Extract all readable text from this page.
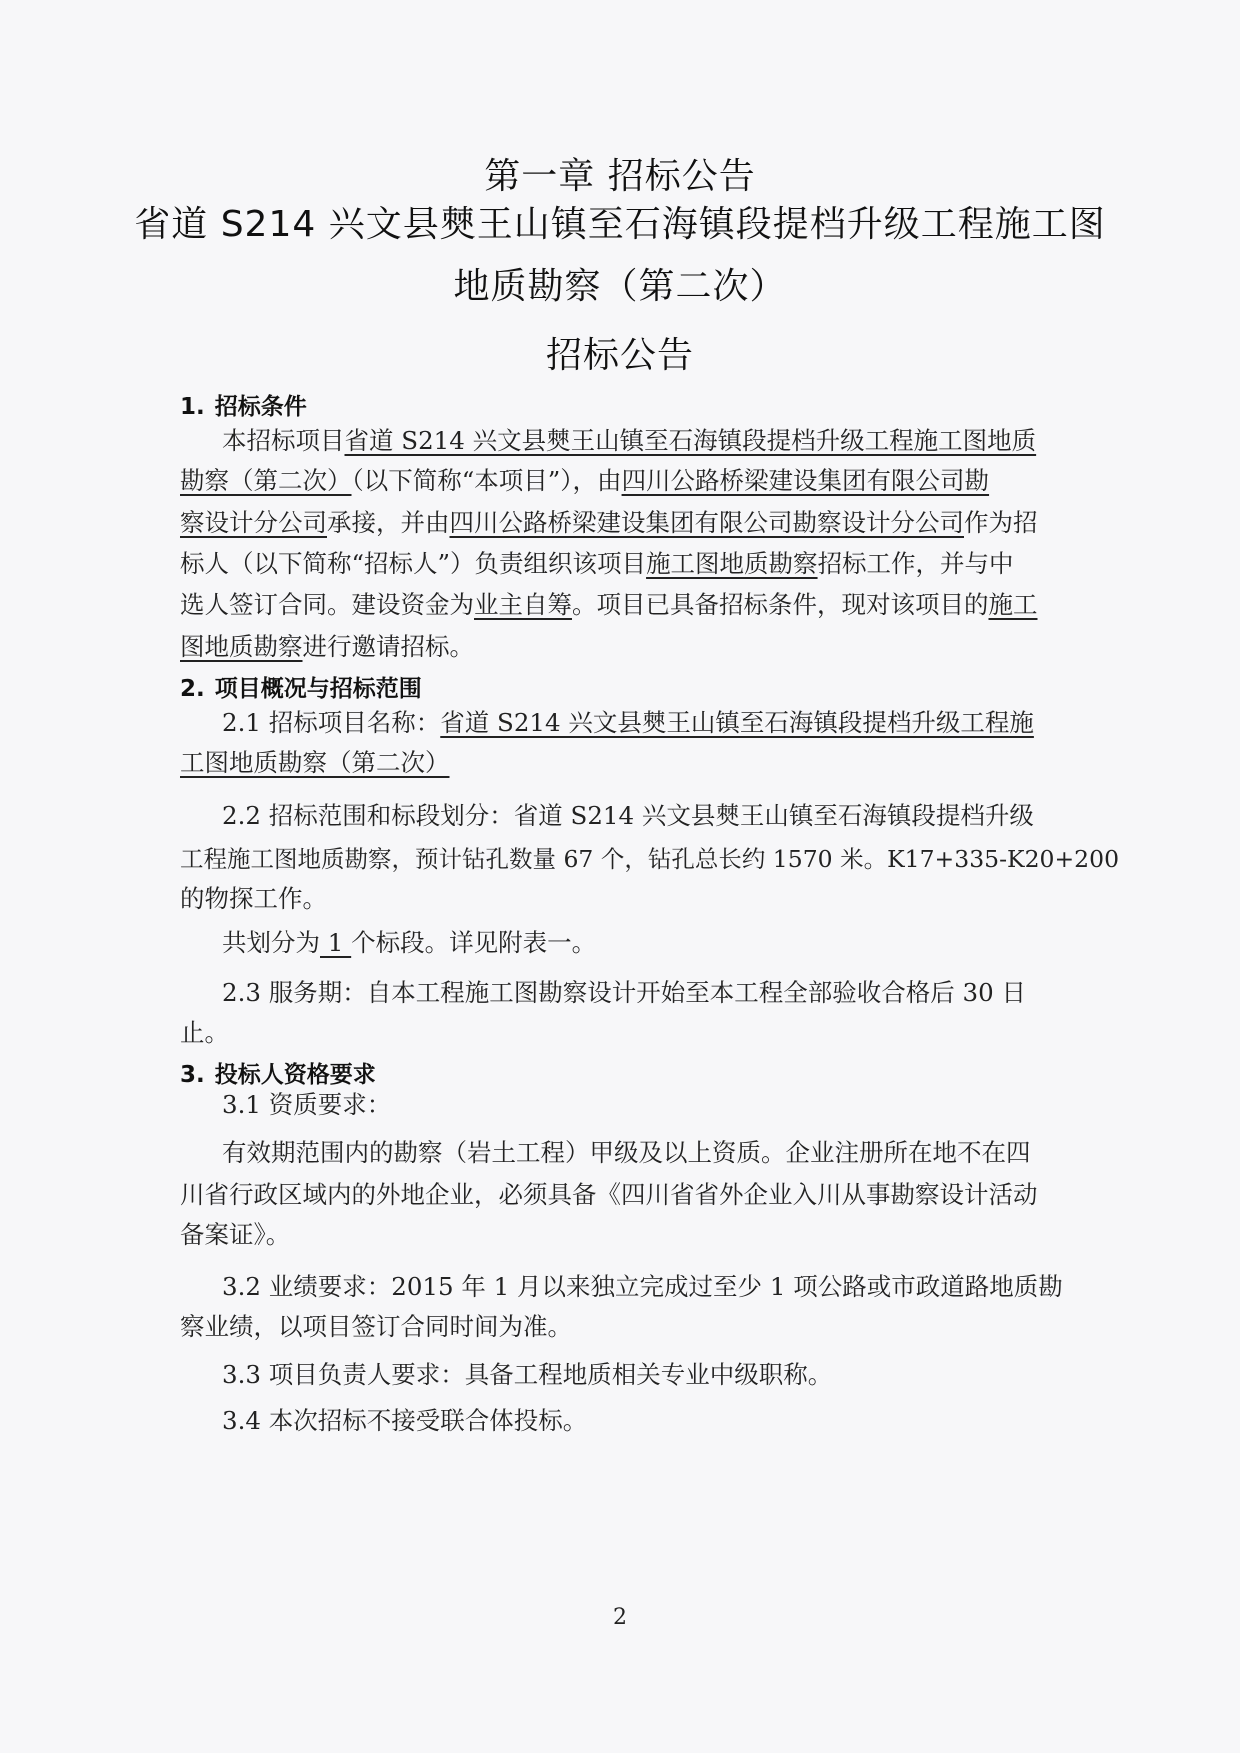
第一章 招标公告
省道 S214 兴文县僰王山镇至石海镇段提档升级工程施工图
地质勘察（第二次）
招标公告
1. 招标条件
本招标项目省道 S214 兴文县僰王山镇至石海镇段提档升级工程施工图地质
勘察（第二次）（以下简称“本项目”），由四川公路桥梁建设集团有限公司勘
察设计分公司承接，并由四川公路桥梁建设集团有限公司勘察设计分公司作为招
标人（以下简称“招标人”）负责组织该项目施工图地质勘察招标工作，并与中
选人签订合同。建设资金为业主自筹。项目已具备招标条件，现对该项目的施工
图地质勘察进行邀请招标。
2. 项目概况与招标范围
2.1 招标项目名称：省道 S214 兴文县僰王山镇至石海镇段提档升级工程施
工图地质勘察（第二次）
2.2 招标范围和标段划分：省道 S214 兴文县僰王山镇至石海镇段提档升级
工程施工图地质勘察，预计钻孔数量 67 个，钻孔总长约 1570 米。K17+335-K20+200
的物探工作。
共划分为 1 个标段。详见附表一。
2.3 服务期：自本工程施工图勘察设计开始至本工程全部验收合格后 30 日
止。
3. 投标人资格要求
3.1 资质要求：
有效期范围内的勘察（岩土工程）甲级及以上资质。企业注册所在地不在四
川省行政区域内的外地企业，必须具备《四川省省外企业入川从事勘察设计活动
备案证》。
3.2 业绩要求：2015 年 1 月以来独立完成过至少 1 项公路或市政道路地质勘
察业绩，以项目签订合同时间为准。
3.3 项目负责人要求：具备工程地质相关专业中级职称。
3.4 本次招标不接受联合体投标。
2
